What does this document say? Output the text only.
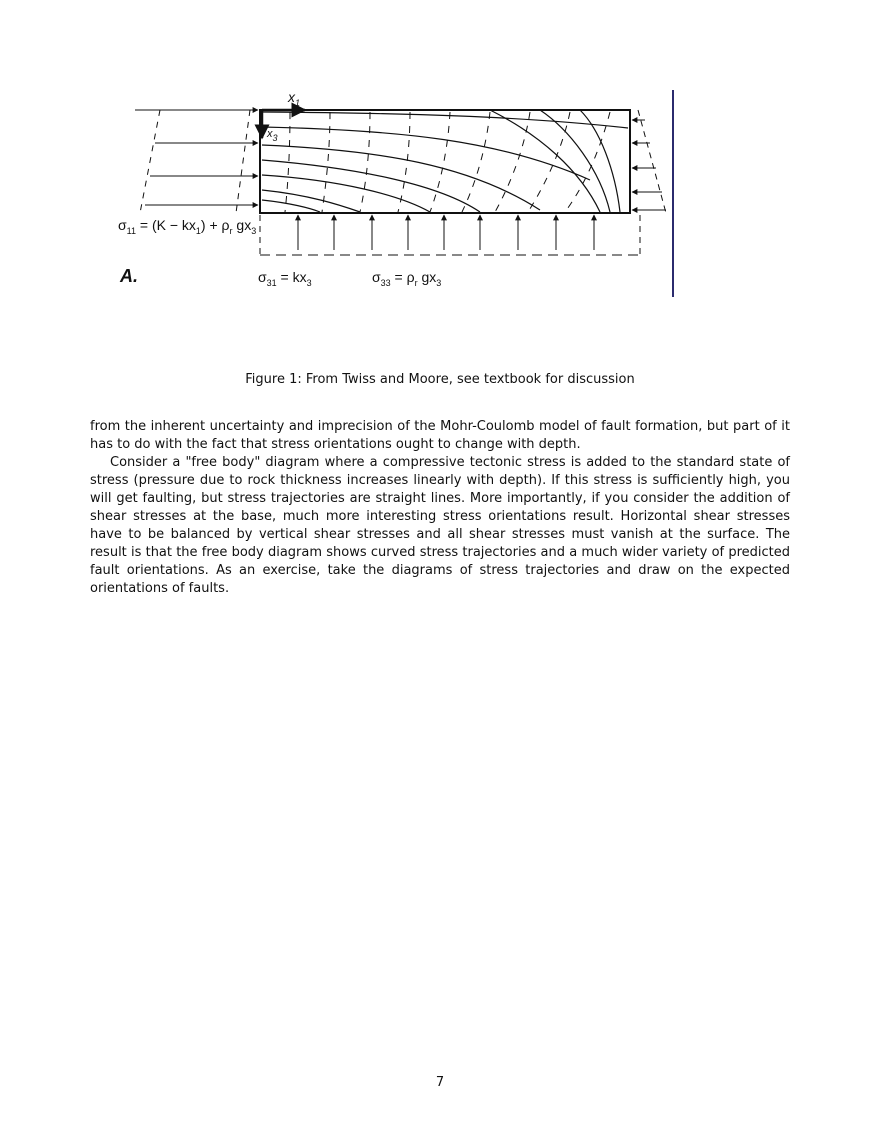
$x_1$
$x_3$
$\sigma_{11} = (K - kx_1) + \rho_r$ $gx_3$
A.	$\sigma_{31} = kx_3$	$\sigma_{33} = \rho_r$ $gx_3$
Figure 1: From Twiss and Moore, see textbook for discussion

from the inherent uncertainty and imprecision of the Mohr-Coulomb model of fault formation, but part of it has to do with the fact that stress orientations ought to change with depth.

Consider a "free body" diagram where a compressive tectonic stress is added to the standard state of stress (pressure due to rock thickness increases linearly with depth). If this stress is sufficiently high, you will get faulting, but stress trajectories are straight lines. More importantly, if you consider the addition of shear stresses at the base, much more interesting stress orientations result. Horizontal shear stresses have to be balanced by vertical shear stresses and all shear stresses must vanish at the surface. The result is that the free body diagram shows curved stress trajectories and a much wider variety of predicted fault orientations. As an exercise, take the diagrams of stress trajectories and draw on the expected orientations of faults.

7
